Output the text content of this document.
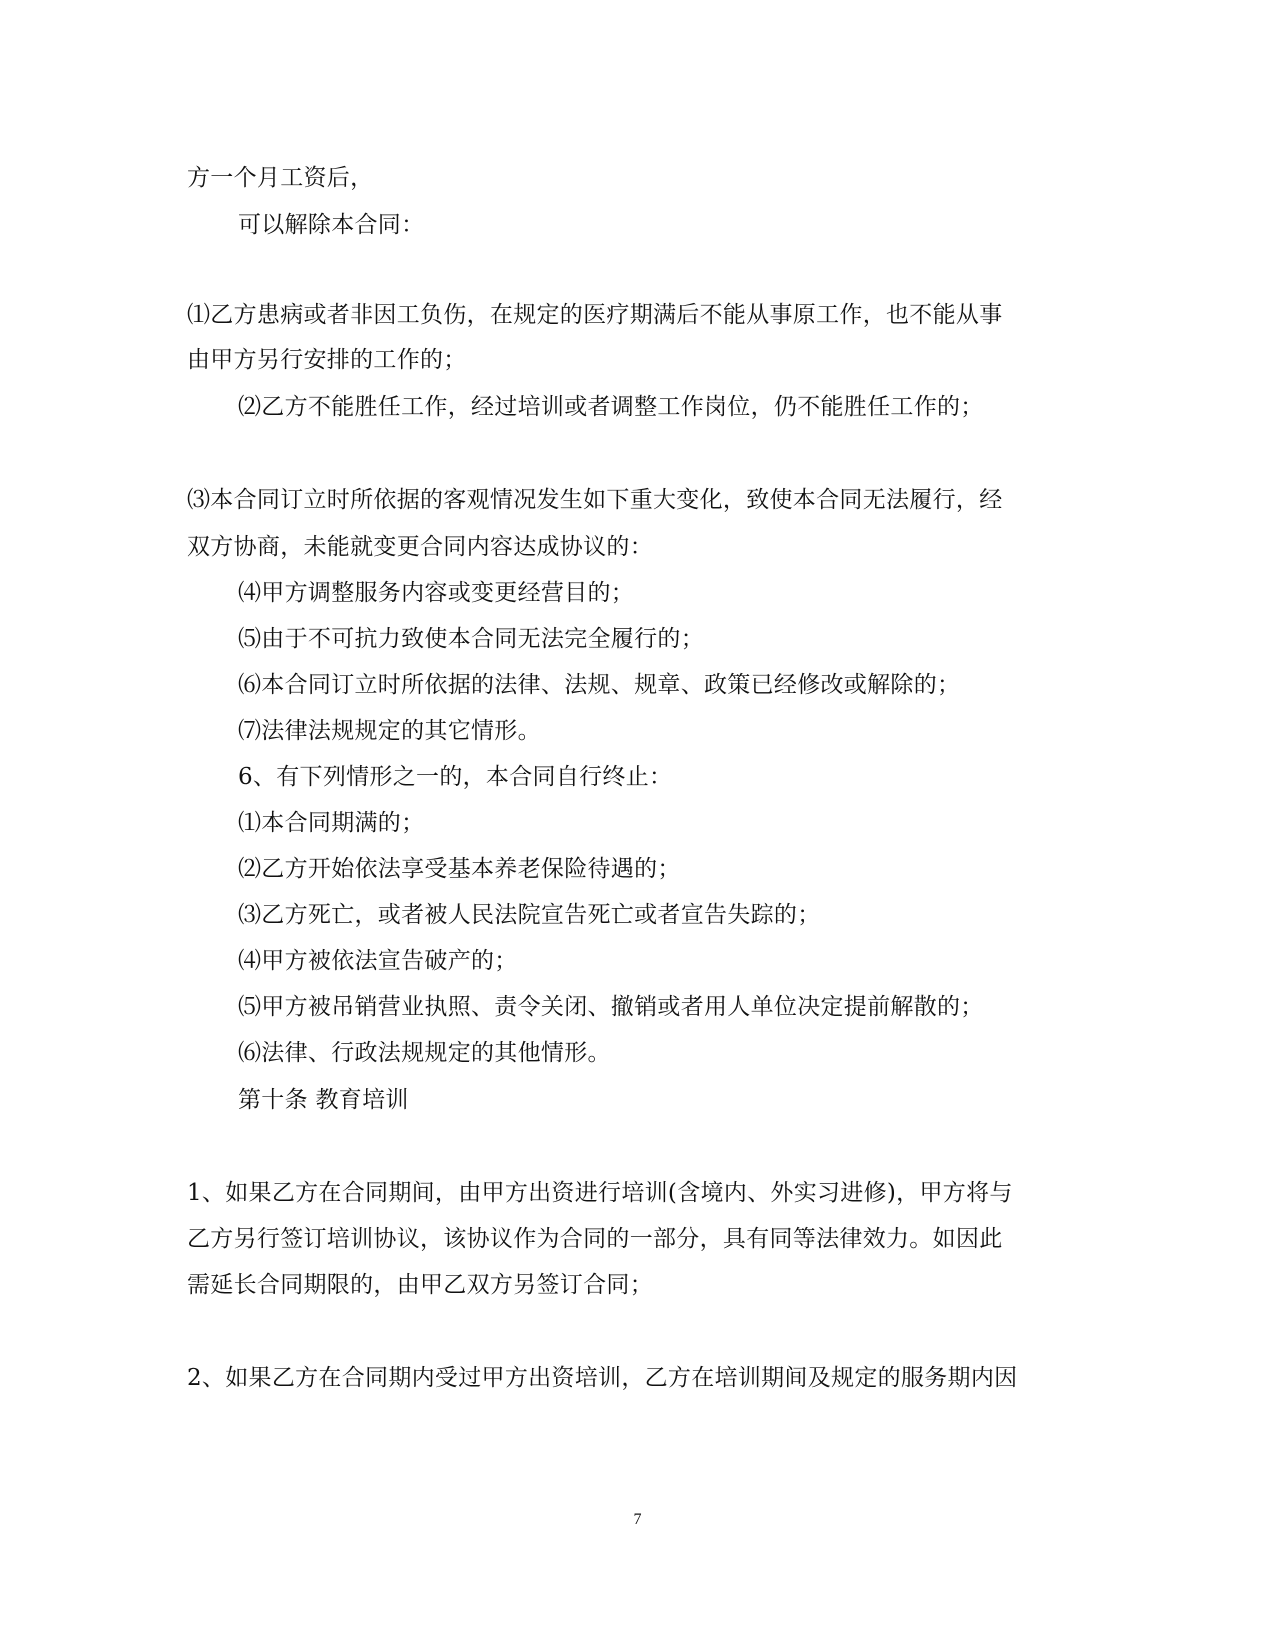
方一个月工资后，

可以解除本合同：

⑴乙方患病或者非因工负伤，在规定的医疗期满后不能从事原工作，也不能从事

由甲方另行安排的工作的；

⑵乙方不能胜任工作，经过培训或者调整工作岗位，仍不能胜任工作的；

⑶本合同订立时所依据的客观情况发生如下重大变化，致使本合同无法履行，经

双方协商，未能就变更合同内容达成协议的：

⑷甲方调整服务内容或变更经营目的；

⑸由于不可抗力致使本合同无法完全履行的；

⑹本合同订立时所依据的法律、法规、规章、政策已经修改或解除的；

⑺法律法规规定的其它情形。

6、有下列情形之一的，本合同自行终止：

⑴本合同期满的；

⑵乙方开始依法享受基本养老保险待遇的；

⑶乙方死亡，或者被人民法院宣告死亡或者宣告失踪的；

⑷甲方被依法宣告破产的；

⑸甲方被吊销营业执照、责令关闭、撤销或者用人单位决定提前解散的；

⑹法律、行政法规规定的其他情形。

第十条 教育培训

1、如果乙方在合同期间，由甲方出资进行培训(含境内、外实习进修)，甲方将与

乙方另行签订培训协议，该协议作为合同的一部分，具有同等法律效力。如因此

需延长合同期限的，由甲乙双方另签订合同；

2、如果乙方在合同期内受过甲方出资培训，乙方在培训期间及规定的服务期内因

7
